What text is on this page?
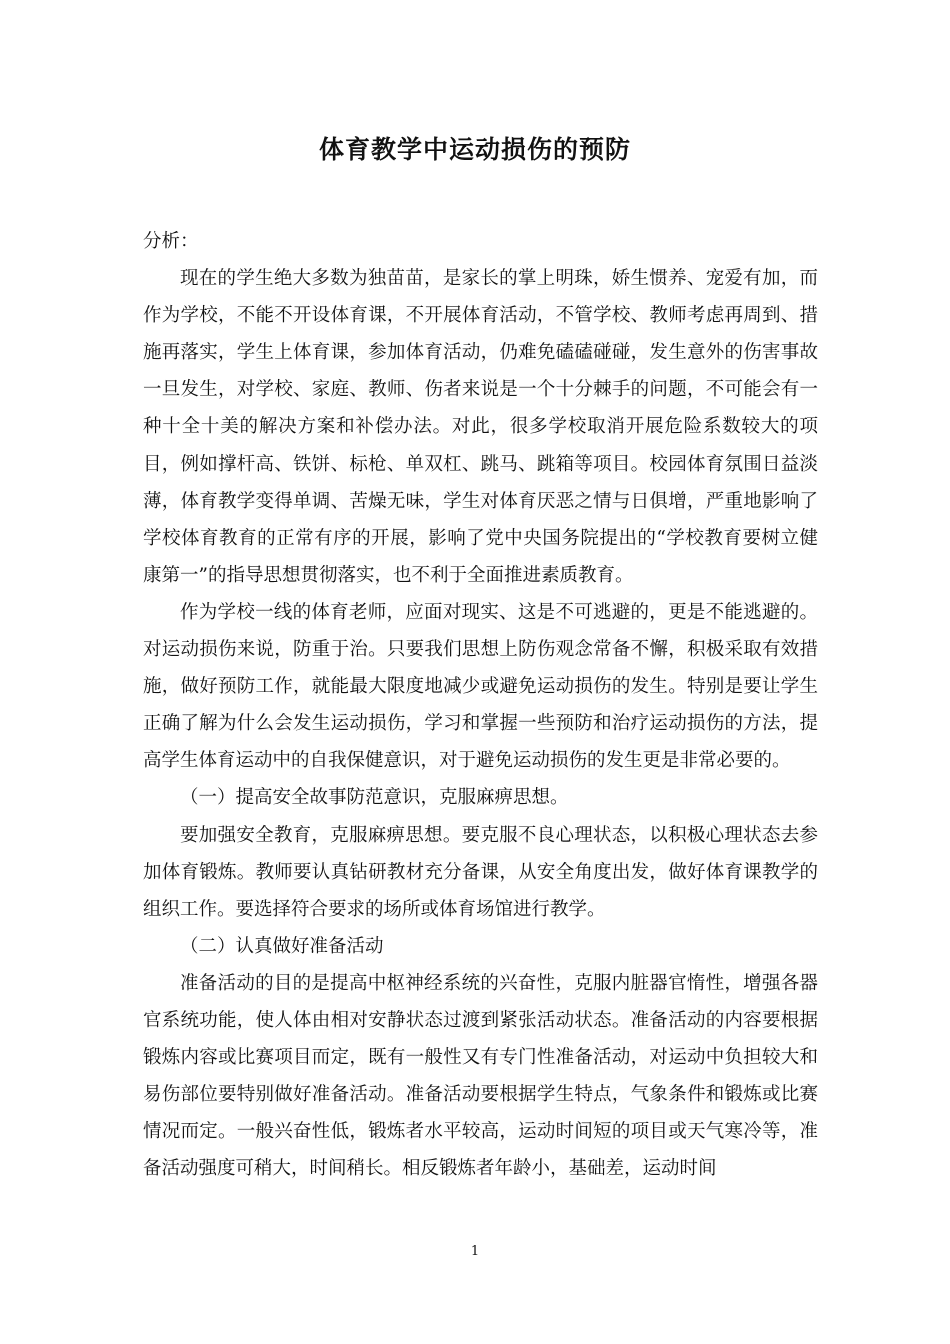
体育教学中运动损伤的预防

分析：

现在的学生绝大多数为独苗苗，是家长的掌上明珠，娇生惯养、宠爱有加，而作为学校，不能不开设体育课，不开展体育活动，不管学校、教师考虑再周到、措施再落实，学生上体育课，参加体育活动，仍难免磕磕碰碰，发生意外的伤害事故一旦发生，对学校、家庭、教师、伤者来说是一个十分棘手的问题，不可能会有一种十全十美的解决方案和补偿办法。对此，很多学校取消开展危险系数较大的项目，例如撑杆高、铁饼、标枪、单双杠、跳马、跳箱等项目。校园体育氛围日益淡薄，体育教学变得单调、苦燥无味，学生对体育厌恶之情与日俱增，严重地影响了学校体育教育的正常有序的开展，影响了党中央国务院提出的“学校教育要树立健康第一”的指导思想贯彻落实，也不利于全面推进素质教育。

作为学校一线的体育老师，应面对现实、这是不可逃避的，更是不能逃避的。对运动损伤来说，防重于治。只要我们思想上防伤观念常备不懈，积极采取有效措施，做好预防工作，就能最大限度地减少或避免运动损伤的发生。特别是要让学生正确了解为什么会发生运动损伤，学习和掌握一些预防和治疗运动损伤的方法，提高学生体育运动中的自我保健意识，对于避免运动损伤的发生更是非常必要的。

（一）提高安全故事防范意识，克服麻痹思想。

要加强安全教育，克服麻痹思想。要克服不良心理状态，以积极心理状态去参加体育锻炼。教师要认真钻研教材充分备课，从安全角度出发，做好体育课教学的组织工作。要选择符合要求的场所或体育场馆进行教学。

（二）认真做好准备活动

准备活动的目的是提高中枢神经系统的兴奋性，克服内脏器官惰性，增强各器官系统功能，使人体由相对安静状态过渡到紧张活动状态。准备活动的内容要根据锻炼内容或比赛项目而定，既有一般性又有专门性准备活动，对运动中负担较大和易伤部位要特别做好准备活动。准备活动要根据学生特点，气象条件和锻炼或比赛情况而定。一般兴奋性低，锻炼者水平较高，运动时间短的项目或天气寒冷等，准备活动强度可稍大，时间稍长。相反锻炼者年龄小，基础差，运动时间

1
